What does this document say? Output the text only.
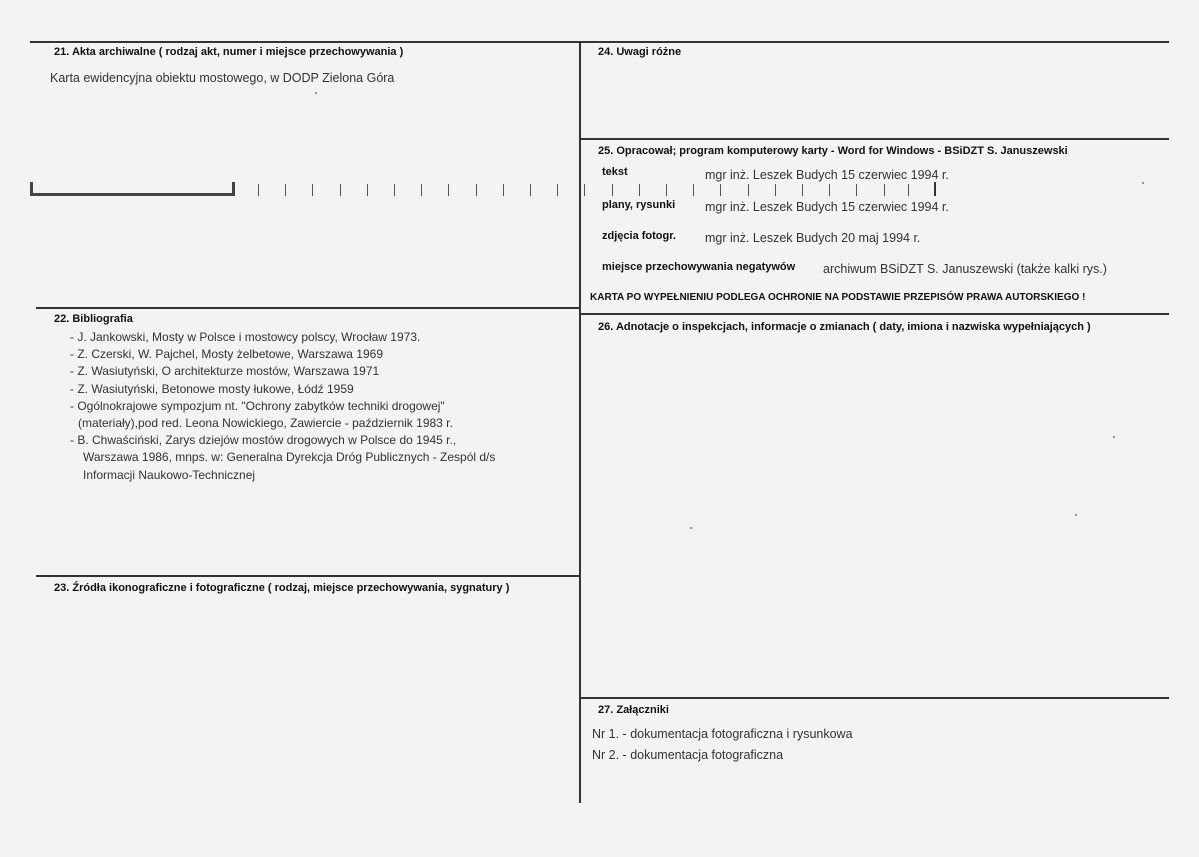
21. Akta archiwalne ( rodzaj akt, numer i miejsce przechowywania )
Karta ewidencyjna obiektu mostowego, w DODP Zielona Góra
22. Bibliografia
- J. Jankowski, Mosty w Polsce i mostowcy polscy, Wrocław 1973.
- Z. Czerski, W. Pajchel, Mosty żelbetowe, Warszawa 1969
- Z. Wasiutyński, O architekturze mostów, Warszawa 1971
- Z. Wasiutyński, Betonowe mosty łukowe, Łódź 1959
- Ogólnokrajowe sympozjum nt. "Ochrony zabytków techniki drogowej"
(materiały),pod red. Leona Nowickiego, Zawiercie - październik 1983 r.
- B. Chwaściński, Zarys dziejów mostów drogowych w Polsce do 1945 r.,
Warszawa 1986, mnps. w: Generalna Dyrekcja Dróg Publicznych - Zespól d/s
Informacji Naukowo-Technicznej
23. Źródła ikonograficzne i fotograficzne ( rodzaj, miejsce przechowywania, sygnatury )
24. Uwagi różne
25. Opracował; program komputerowy karty - Word for Windows - BSiDZT S. Januszewski
tekst	mgr inż. Leszek Budych 15 czerwiec 1994 r.
plany, rysunki mgr inż. Leszek Budych 15 czerwiec 1994 r.
zdjęcia fotogr. mgr inż. Leszek Budych 20 maj 1994 r.
miejsce przechowywania negatywów archiwum BSiDZT S. Januszewski (także kalki rys.)
KARTA PO WYPEŁNIENIU PODLEGA OCHRONIE NA PODSTAWIE PRZEPISÓW PRAWA AUTORSKIEGO !
26. Adnotacje o inspekcjach, informacje o zmianach ( daty, imiona i nazwiska wypełniających )
27. Załączniki
Nr 1. - dokumentacja fotograficzna i rysunkowa
Nr 2. - dokumentacja fotograficzna
